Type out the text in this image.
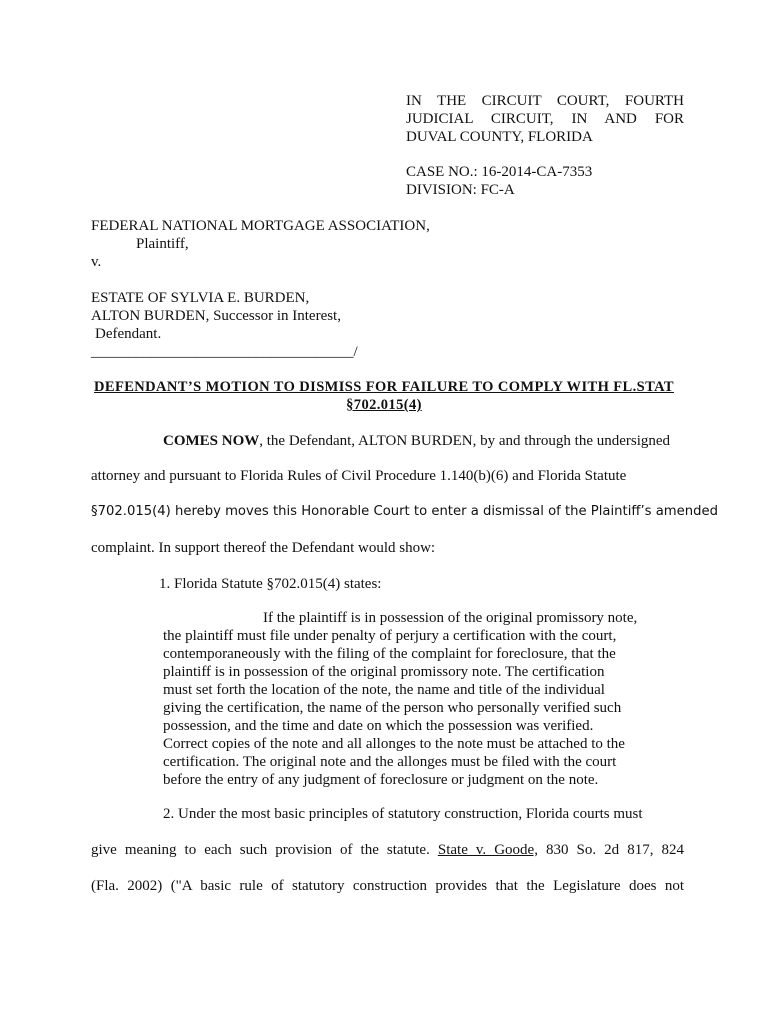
IN THE CIRCUIT COURT, FOURTH
JUDICIAL CIRCUIT, IN AND FOR
DUVAL COUNTY, FLORIDA
CASE NO.: 16-2014-CA-7353
DIVISION: FC-A
FEDERAL NATIONAL MORTGAGE ASSOCIATION,
Plaintiff,
v.
ESTATE OF SYLVIA E. BURDEN,
ALTON BURDEN, Successor in Interest,
Defendant.
___________________________________/
DEFENDANT’S MOTION TO DISMISS FOR FAILURE TO COMPLY WITH FL.STAT
§702.015(4)
COMES NOW, the Defendant, ALTON BURDEN, by and through the undersigned
attorney and pursuant to Florida Rules of Civil Procedure 1.140(b)(6) and Florida Statute
§702.015(4) hereby moves this Honorable Court to enter a dismissal of the Plaintiff’s amended
complaint. In support thereof the Defendant would show:
1. Florida Statute §702.015(4) states:
If the plaintiff is in possession of the original promissory note,
the plaintiff must file under penalty of perjury a certification with the court,
contemporaneously with the filing of the complaint for foreclosure, that the
plaintiff is in possession of the original promissory note. The certification
must set forth the location of the note, the name and title of the individual
giving the certification, the name of the person who personally verified such
possession, and the time and date on which the possession was verified.
Correct copies of the note and all allonges to the note must be attached to the
certification. The original note and the allonges must be filed with the court
before the entry of any judgment of foreclosure or judgment on the note.
2. Under the most basic principles of statutory construction, Florida courts must
give meaning to each such provision of the statute. State v. Goode, 830 So. 2d 817, 824
(Fla. 2002) ("A basic rule of statutory construction provides that the Legislature does not
